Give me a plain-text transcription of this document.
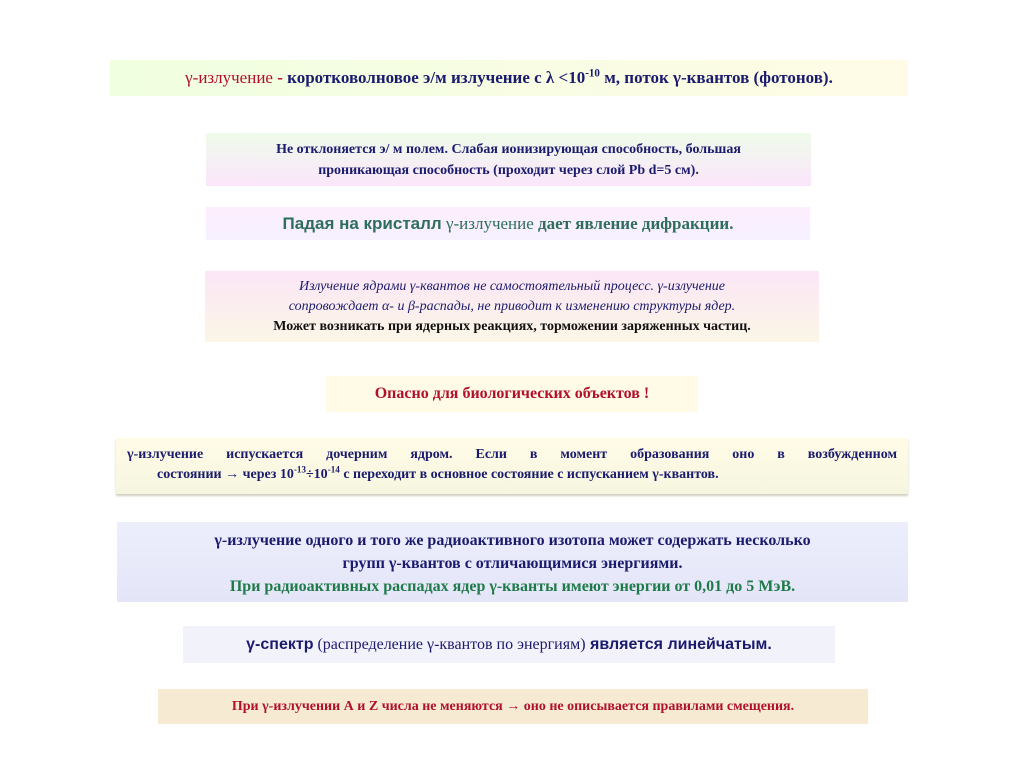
γ-излучение - коротковолновое э/м излучение с $\lambda <10^{-10}$ м, поток γ-квантов (фотонов).
Не отклоняется э/ м полем. Слабая ионизирующая способность, большая
проникающая способность (проходит через слой Pb d=5 см).
Падая на кристалл γ-излучение дает явление дифракции.
Излучение ядрами γ-квантов не самостоятельный процесс. γ-излучение
сопровождает α- и β-распады, не приводит к изменению структуры ядер.
Может возникать при ядерных реакциях, торможении заряженных частиц.
Опасно для биологических объектов !
γ-излучение испускается дочерним ядром. Если в момент образования оно в возбужденном
состоянии → через $10^{-13}\div 10^{-14}$ с переходит в основное состояние с испусканием γ-квантов.
γ-излучение одного и того же радиоактивного изотопа может содержать несколько
групп γ-квантов с отличающимися энергиями.
При радиоактивных распадах ядер γ-кванты имеют энергии от 0,01 до 5 МэВ.
γ-спектр (распределение γ-квантов по энергиям) является линейчатым.
При γ-излучении А и Z числа не меняются → оно не описывается правилами смещения.
